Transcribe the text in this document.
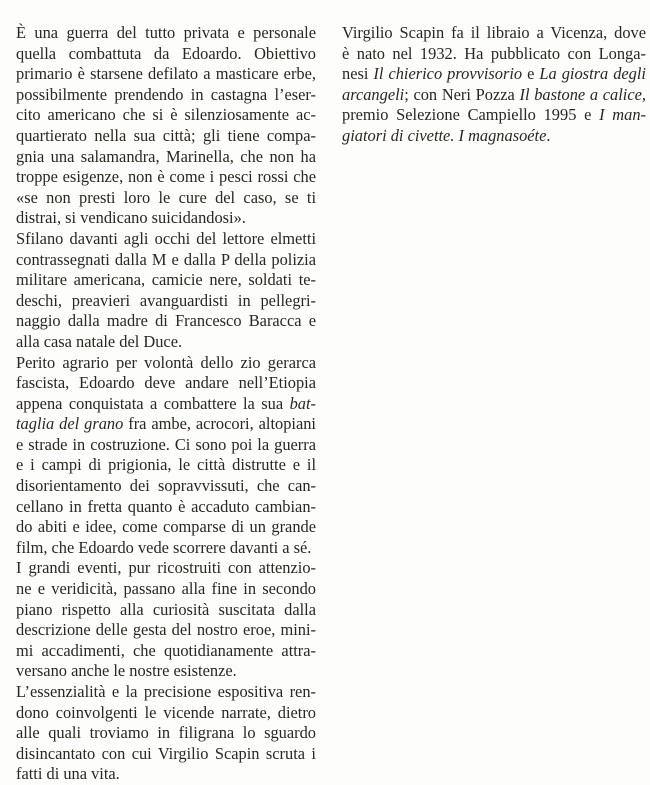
È una guerra del tutto privata e personale
quella combattuta da Edoardo. Obiettivo
primario è starsene defilato a masticare erbe,
possibilmente prendendo in castagna l’eser-
cito americano che si è silenziosamente ac-
quartierato nella sua città; gli tiene compa-
gnia una salamandra, Marinella, che non ha
troppe esigenze, non è come i pesci rossi che
«se non presti loro le cure del caso, se ti
distrai, si vendicano suicidandosi».
Sfilano davanti agli occhi del lettore elmetti
contrassegnati dalla M e dalla P della polizia
militare americana, camicie nere, soldati te-
deschi, preavieri avanguardisti in pellegri-
naggio dalla madre di Francesco Baracca e
alla casa natale del Duce.
Perito agrario per volontà dello zio gerarca
fascista, Edoardo deve andare nell’Etiopia
appena conquistata a combattere la sua bat-
taglia del grano fra ambe, acrocori, altopiani
e strade in costruzione. Ci sono poi la guerra
e i campi di prigionia, le città distrutte e il
disorientamento dei sopravvissuti, che can-
cellano in fretta quanto è accaduto cambian-
do abiti e idee, come comparse di un grande
film, che Edoardo vede scorrere davanti a sé.
I grandi eventi, pur ricostruiti con attenzio-
ne e veridicità, passano alla fine in secondo
piano rispetto alla curiosità suscitata dalla
descrizione delle gesta del nostro eroe, mini-
mi accadimenti, che quotidianamente attra-
versano anche le nostre esistenze.
L’essenzialità e la precisione espositiva ren-
dono coinvolgenti le vicende narrate, dietro
alle quali troviamo in filigrana lo sguardo
disincantato con cui Virgilio Scapin scruta i
fatti di una vita.
Virgilio Scapin fa il libraio a Vicenza, dove
è nato nel 1932. Ha pubblicato con Longa-
nesi Il chierico provvisorio e La giostra degli
arcangeli; con Neri Pozza Il bastone a calice,
premio Selezione Campiello 1995 e I man-
giatori di civette. I magnasoéte.
